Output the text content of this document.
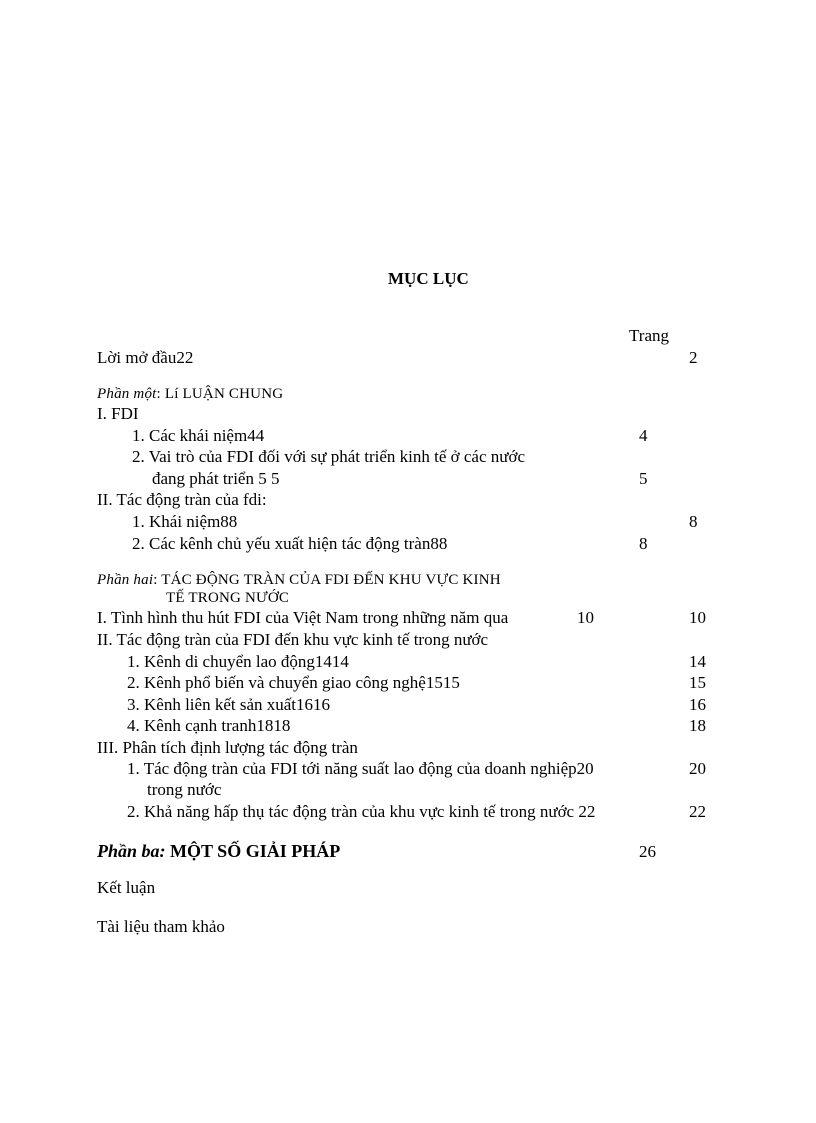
MỤC LỤC
Trang
Lời mở đầu22	2
Phần một: Lí LUẬN CHUNG
I. FDI
1. Các khái niệm44	4
2. Vai trò của FDI đối với sự phát triển kinh tế ở các nước
đang phát triển 5 5	5
II. Tác động tràn của fdi:
1. Khái niệm88	8
2. Các kênh chủ yếu xuất hiện tác động tràn88	8
Phần hai: TÁC ĐỘNG TRÀN CỦA FDI ĐẾN KHU VỰC KINH
TẾ TRONG NƯỚC
I. Tình hình thu hút FDI của Việt Nam trong những năm qua	10	10
II. Tác động tràn của FDI đến khu vực kinh tế trong nước
1. Kênh di chuyển lao động1414	14
2. Kênh phổ biến và chuyển giao công nghệ1515	15
3. Kênh liên kết sản xuất1616	16
4. Kênh cạnh tranh1818	18
III. Phân tích định lượng tác động tràn
1. Tác động tràn của FDI tới năng suất lao động của doanh nghiệp20	20
trong nước
2. Khả năng hấp thụ tác động tràn của khu vực kinh tế trong nước 22	22
Phần ba: MỘT SỐ GIẢI PHÁP	26
Kết luận
Tài liệu tham khảo
